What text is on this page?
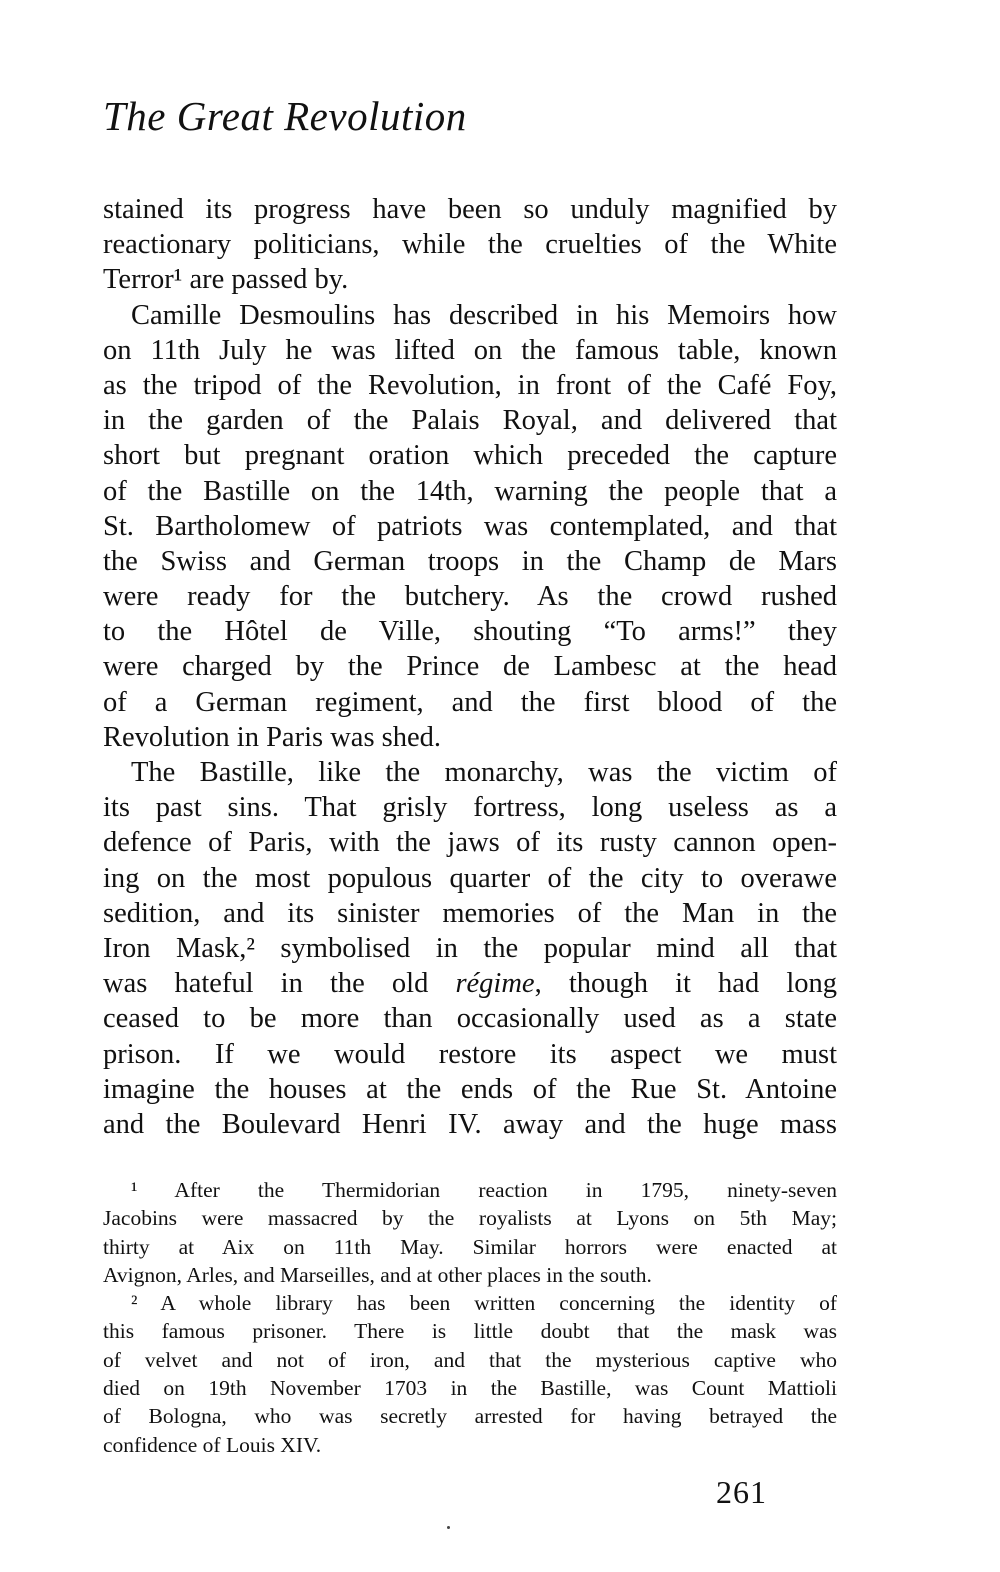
The Great Revolution
stained its progress have been so unduly magnified by
reactionary politicians, while the cruelties of the White
Terror¹ are passed by.
Camille Desmoulins has described in his Memoirs how
on 11th July he was lifted on the famous table, known
as the tripod of the Revolution, in front of the Café Foy,
in the garden of the Palais Royal, and delivered that
short but pregnant oration which preceded the capture
of the Bastille on the 14th, warning the people that a
St. Bartholomew of patriots was contemplated, and that
the Swiss and German troops in the Champ de Mars
were ready for the butchery. As the crowd rushed
to the Hôtel de Ville, shouting “To arms!” they
were charged by the Prince de Lambesc at the head
of a German regiment, and the first blood of the
Revolution in Paris was shed.
The Bastille, like the monarchy, was the victim of
its past sins. That grisly fortress, long useless as a
defence of Paris, with the jaws of its rusty cannon open-
ing on the most populous quarter of the city to overawe
sedition, and its sinister memories of the Man in the
Iron Mask,² symbolised in the popular mind all that
was hateful in the old régime, though it had long
ceased to be more than occasionally used as a state
prison. If we would restore its aspect we must
imagine the houses at the ends of the Rue St. Antoine
and the Boulevard Henri IV. away and the huge mass
¹ After the Thermidorian reaction in 1795, ninety-seven
Jacobins were massacred by the royalists at Lyons on 5th May;
thirty at Aix on 11th May. Similar horrors were enacted at
Avignon, Arles, and Marseilles, and at other places in the south.
² A whole library has been written concerning the identity of
this famous prisoner. There is little doubt that the mask was
of velvet and not of iron, and that the mysterious captive who
died on 19th November 1703 in the Bastille, was Count Mattioli
of Bologna, who was secretly arrested for having betrayed the
confidence of Louis XIV.
261
